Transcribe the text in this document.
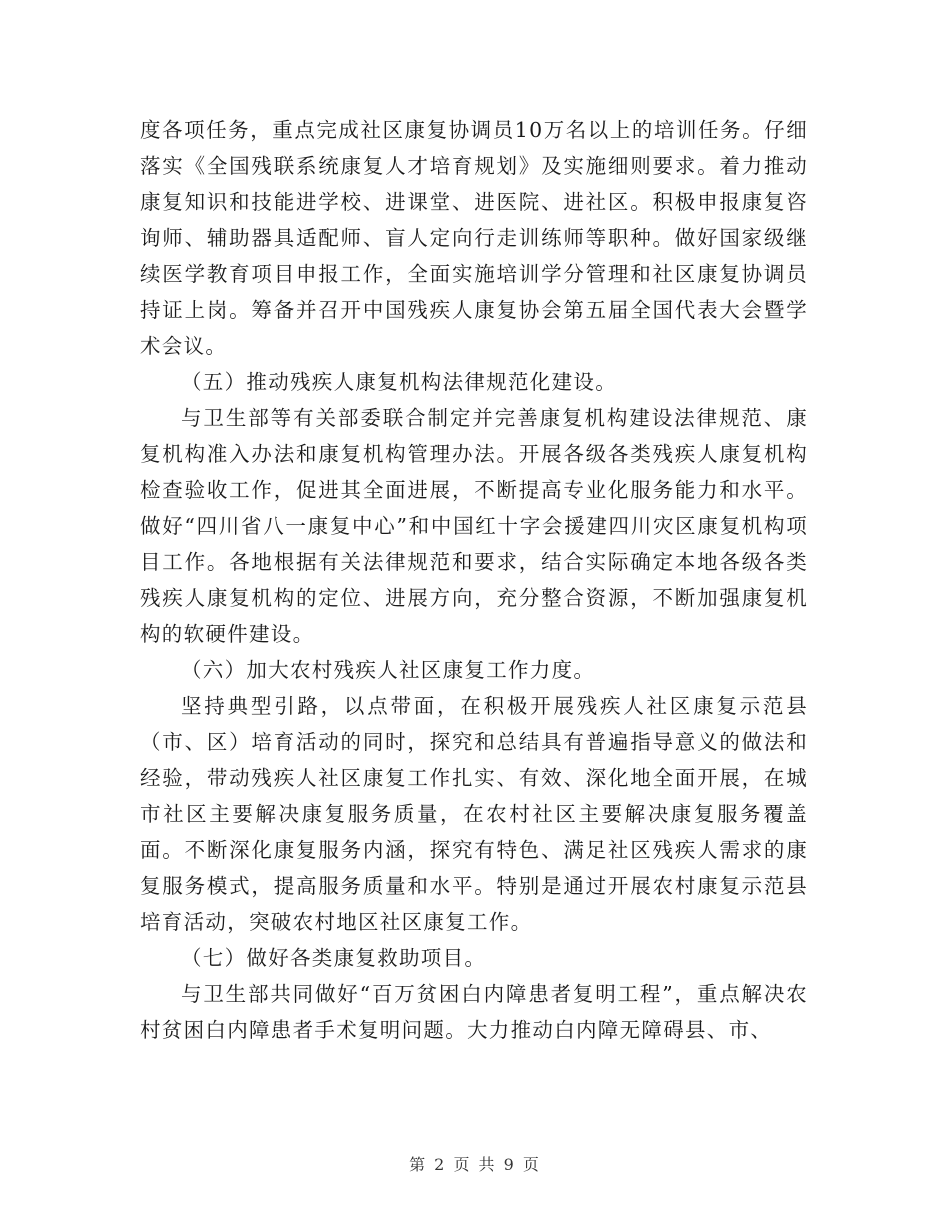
度各项任务，重点完成社区康复协调员10万名以上的培训任务。仔细落实《全国残联系统康复人才培育规划》及实施细则要求。着力推动康复知识和技能进学校、进课堂、进医院、进社区。积极申报康复咨询师、辅助器具适配师、盲人定向行走训练师等职种。做好国家级继续医学教育项目申报工作，全面实施培训学分管理和社区康复协调员持证上岗。筹备并召开中国残疾人康复协会第五届全国代表大会暨学术会议。

（五）推动残疾人康复机构法律规范化建设。

与卫生部等有关部委联合制定并完善康复机构建设法律规范、康复机构准入办法和康复机构管理办法。开展各级各类残疾人康复机构检查验收工作，促进其全面进展，不断提高专业化服务能力和水平。做好“四川省八一康复中心”和中国红十字会援建四川灾区康复机构项目工作。各地根据有关法律规范和要求，结合实际确定本地各级各类残疾人康复机构的定位、进展方向，充分整合资源，不断加强康复机构的软硬件建设。

（六）加大农村残疾人社区康复工作力度。

坚持典型引路，以点带面，在积极开展残疾人社区康复示范县（市、区）培育活动的同时，探究和总结具有普遍指导意义的做法和经验，带动残疾人社区康复工作扎实、有效、深化地全面开展，在城市社区主要解决康复服务质量，在农村社区主要解决康复服务覆盖面。不断深化康复服务内涵，探究有特色、满足社区残疾人需求的康复服务模式，提高服务质量和水平。特别是通过开展农村康复示范县培育活动，突破农村地区社区康复工作。

（七）做好各类康复救助项目。

与卫生部共同做好“百万贫困白内障患者复明工程”，重点解决农村贫困白内障患者手术复明问题。大力推动白内障无障碍县、市、

第 2 页 共 9 页
